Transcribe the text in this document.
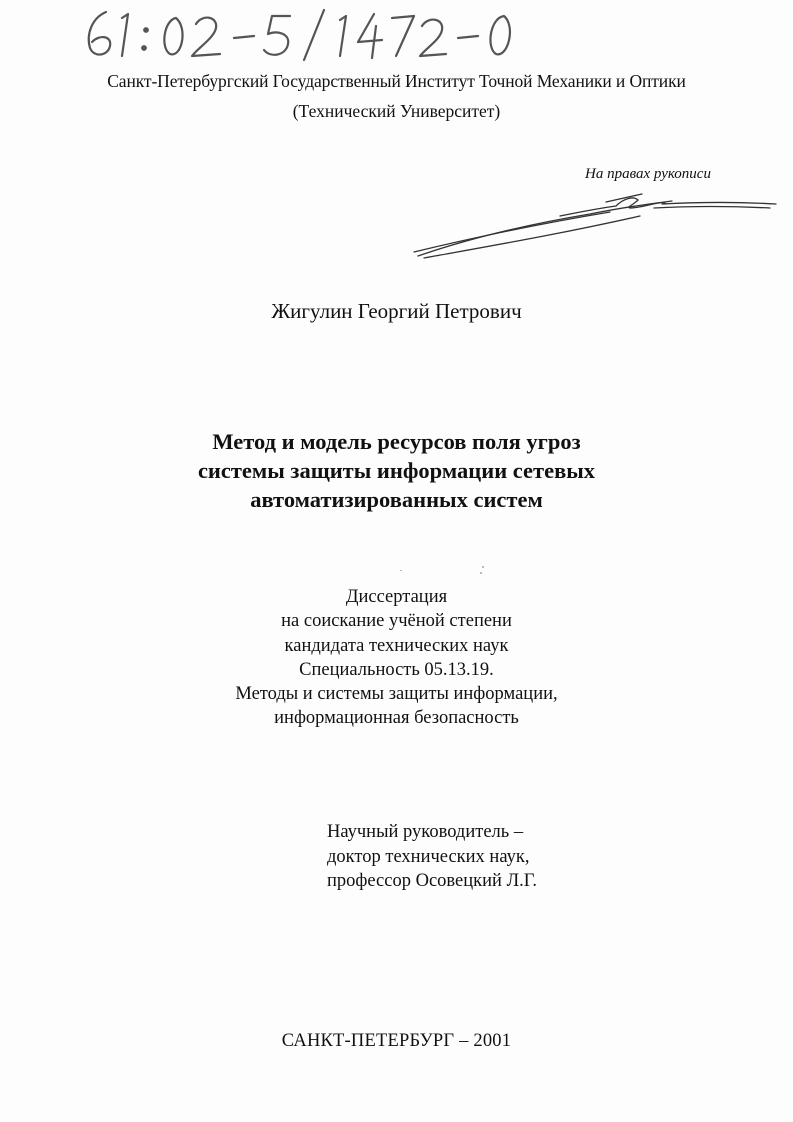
Санкт-Петербургский Государственный Институт Точной Механики и Оптики
(Технический Университет)
На правах рукописи
Жигулин Георгий Петрович
Метод и модель ресурсов поля угроз
системы защиты информации сетевых
автоматизированных систем
Диссертация
на соискание учёной степени
кандидата технических наук
Специальность 05.13.19.
Методы и системы защиты информации,
информационная безопасность
Научный руководитель –
доктор технических наук,
профессор Осовецкий Л.Г.
САНКТ-ПЕТЕРБУРГ – 2001
